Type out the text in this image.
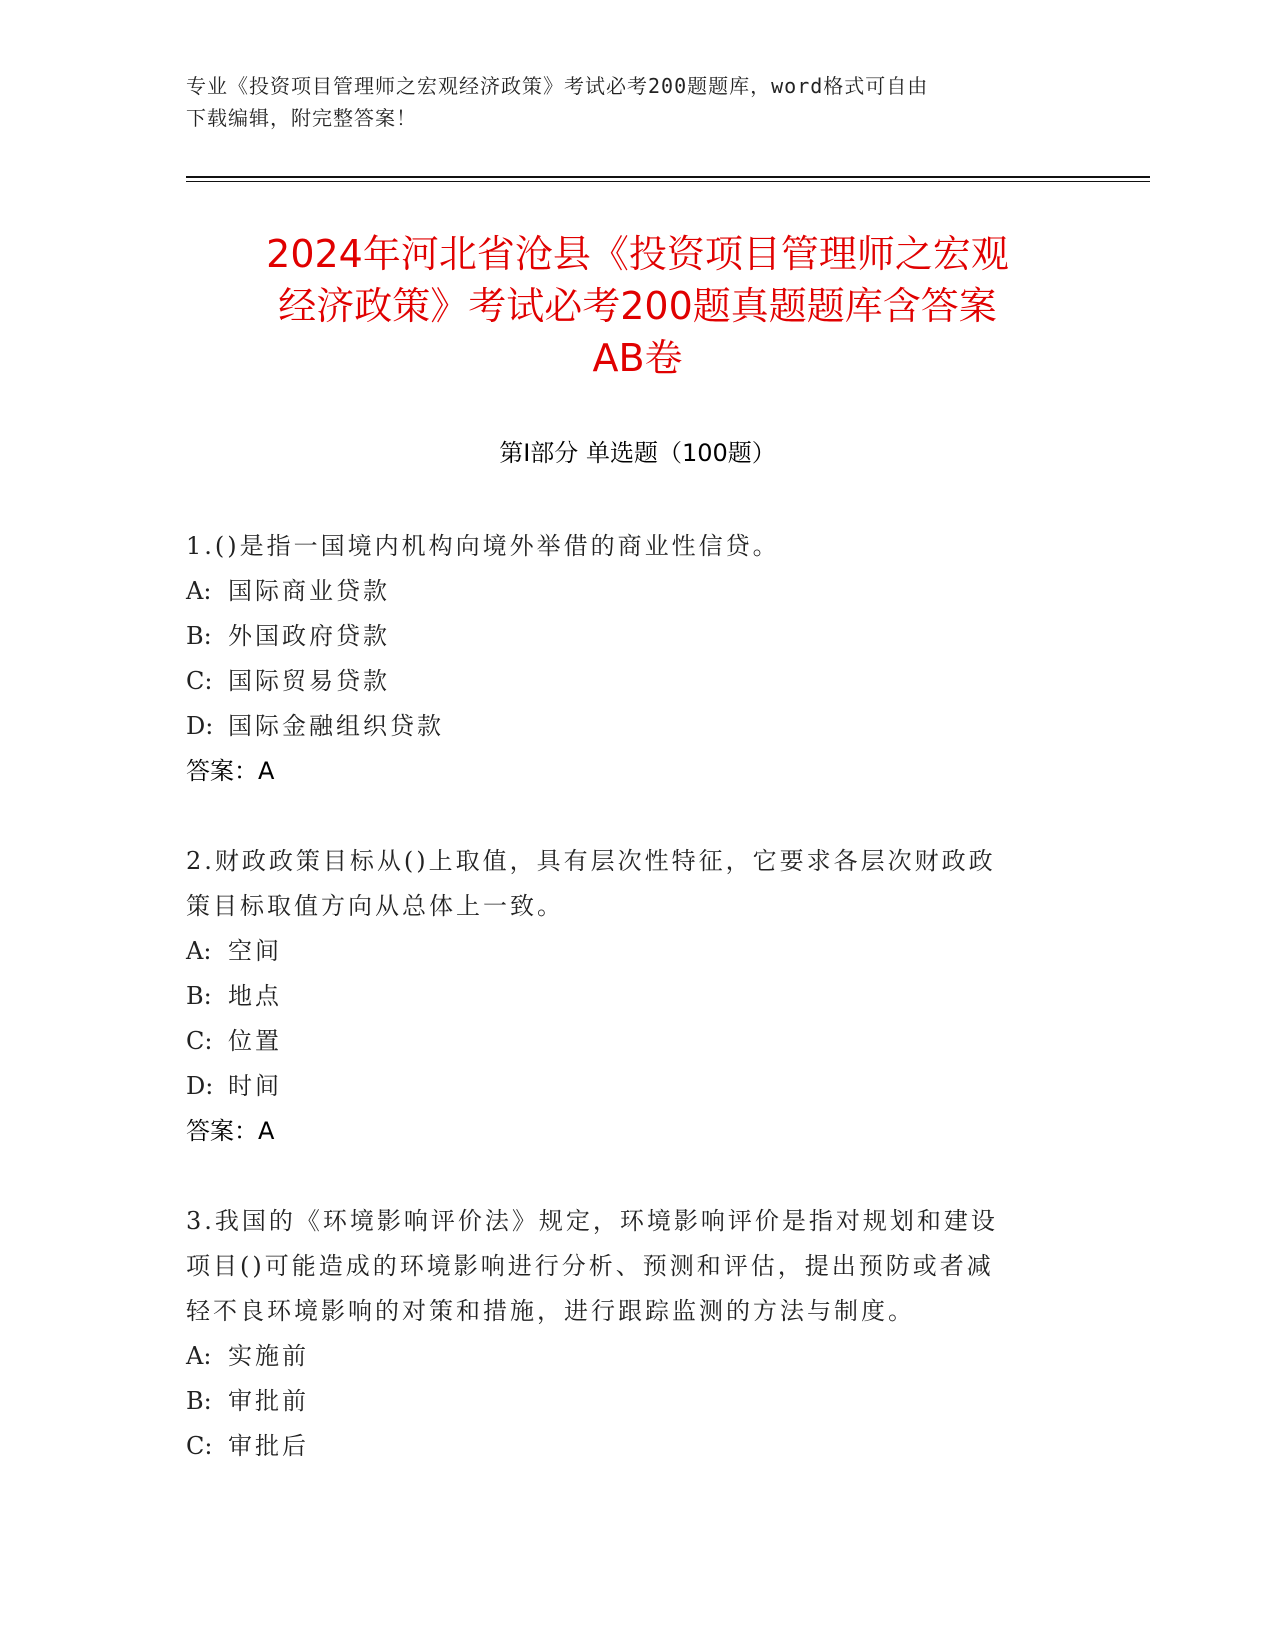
专业《投资项目管理师之宏观经济政策》考试必考200题题库，word格式可自由
下载编辑，附完整答案！
2024年河北省沧县《投资项目管理师之宏观
经济政策》考试必考200题真题题库含答案
AB卷
第I部分 单选题（100题）
1.()是指一国境内机构向境外举借的商业性信贷。
A: 国际商业贷款
B: 外国政府贷款
C: 国际贸易贷款
D: 国际金融组织贷款
答案：A
2.财政政策目标从()上取值，具有层次性特征，它要求各层次财政政
策目标取值方向从总体上一致。
A: 空间
B: 地点
C: 位置
D: 时间
答案：A
3.我国的《环境影响评价法》规定，环境影响评价是指对规划和建设
项目()可能造成的环境影响进行分析、预测和评估，提出预防或者减
轻不良环境影响的对策和措施，进行跟踪监测的方法与制度。
A: 实施前
B: 审批前
C: 审批后
